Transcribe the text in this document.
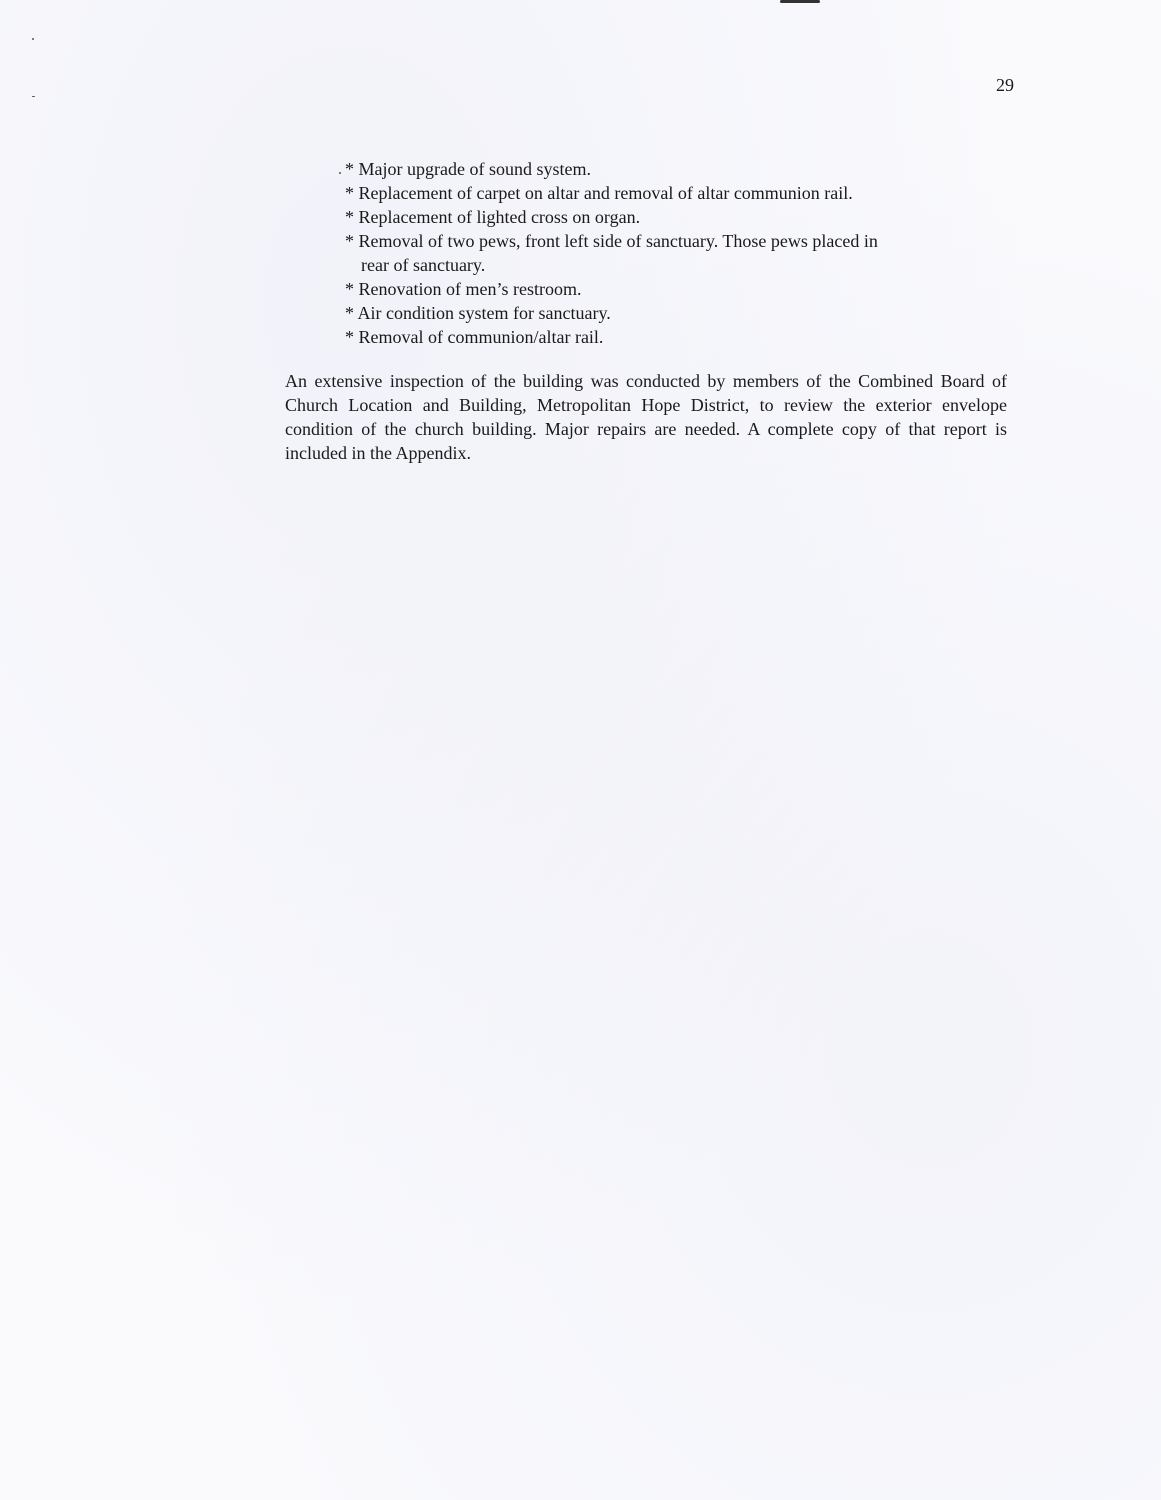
29
* Major upgrade of sound system.
* Replacement of carpet on altar and removal of altar communion rail.
* Replacement of lighted cross on organ.
* Removal of two pews, front left side of sanctuary. Those pews placed in
rear of sanctuary.
* Renovation of men’s restroom.
* Air condition system for sanctuary.
* Removal of communion/altar rail.

An extensive inspection of the building was conducted by members of the Combined Board of Church Location and Building, Metropolitan Hope District, to review the exterior envelope condition of the church building. Major repairs are needed. A complete copy of that report is included in the Appendix.
